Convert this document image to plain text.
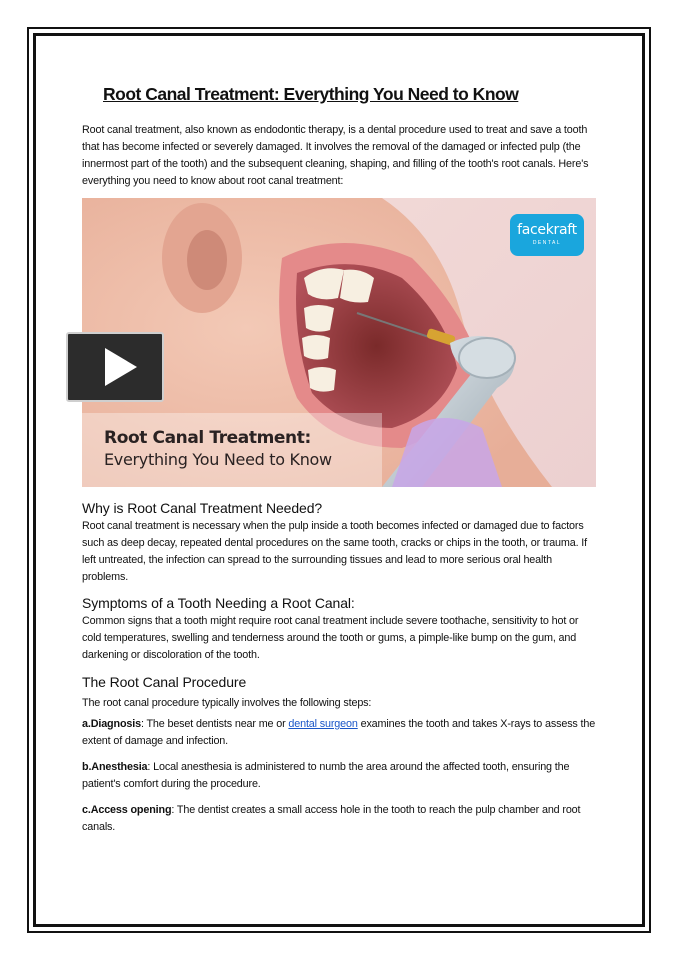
Root Canal Treatment: Everything You Need to Know

Root canal treatment, also known as endodontic therapy, is a dental procedure used to treat and save a tooth that has become infected or severely damaged. It involves the removal of the damaged or infected pulp (the innermost part of the tooth) and the subsequent cleaning, shaping, and filling of the tooth's root canals. Here's everything you need to know about root canal treatment:

facekraft
DENTAL
Root Canal Treatment:
Everything You Need to Know
Why is Root Canal Treatment Needed?

Root canal treatment is necessary when the pulp inside a tooth becomes infected or damaged due to factors such as deep decay, repeated dental procedures on the same tooth, cracks or chips in the tooth, or trauma. If left untreated, the infection can spread to the surrounding tissues and lead to more serious oral health problems.

Symptoms of a Tooth Needing a Root Canal:

Common signs that a tooth might require root canal treatment include severe toothache, sensitivity to hot or cold temperatures, swelling and tenderness around the tooth or gums, a pimple-like bump on the gum, and darkening or discoloration of the tooth.

The Root Canal Procedure

The root canal procedure typically involves the following steps:

a.Diagnosis: The beset dentists near me or dental surgeon examines the tooth and takes X-rays to assess the extent of damage and infection.

b.Anesthesia: Local anesthesia is administered to numb the area around the affected tooth, ensuring the patient's comfort during the procedure.

c.Access opening: The dentist creates a small access hole in the tooth to reach the pulp chamber and root canals.
